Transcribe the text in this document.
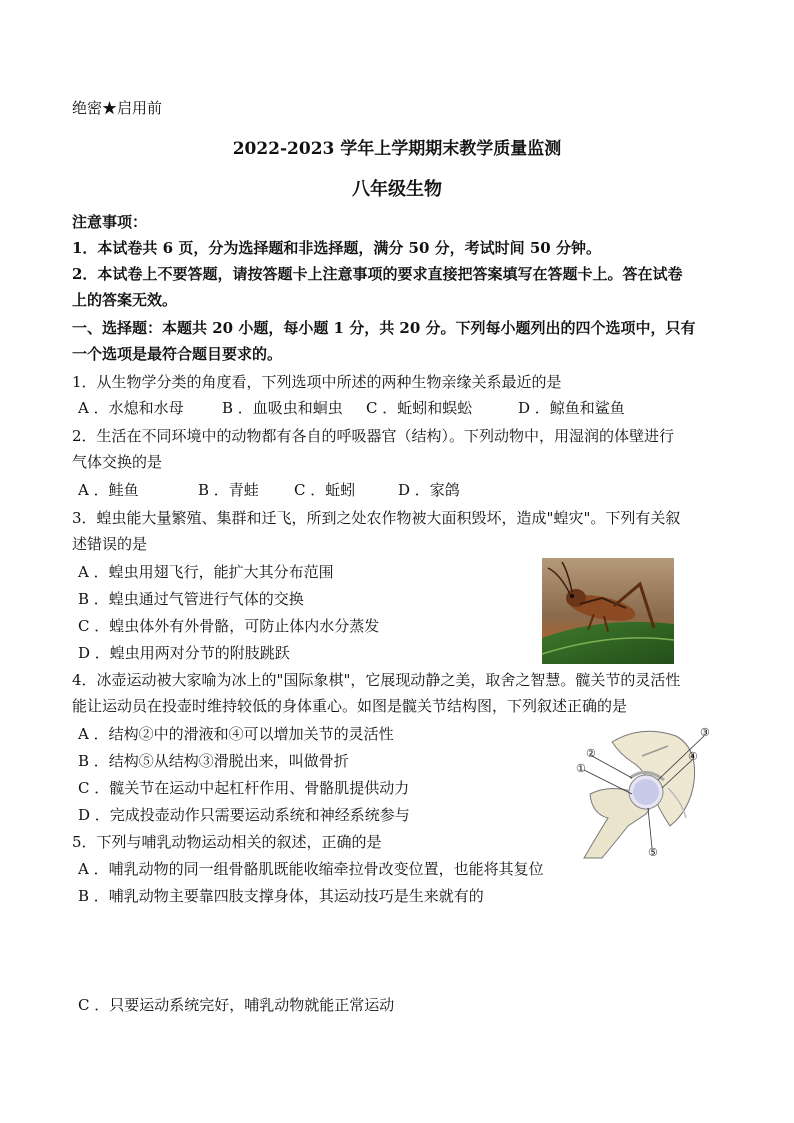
绝密★启用前
2022-2023 学年上学期期末教学质量监测
八年级生物
注意事项：
1．本试卷共 6 页，分为选择题和非选择题，满分 50 分，考试时间 50 分钟。
2．本试卷上不要答题，请按答题卡上注意事项的要求直接把答案填写在答题卡上。答在试卷
上的答案无效。
一、选择题：本题共 20 小题，每小题 1 分，共 20 分。下列每小题列出的四个选项中，只有
一个选项是最符合题目要求的。
1．从生物学分类的角度看，下列选项中所述的两种生物亲缘关系最近的是
A ．水熄和水母	B ．血吸虫和蛔虫 C ．蚯蚓和蜈蚣	D ．鲸鱼和鲨鱼
2．生活在不同环境中的动物都有各自的呼吸器官（结构）。下列动物中，用湿润的体壁进行
气体交换的是
A ．鲑鱼	B ．青蛙 C ．蚯蚓	D ．家鸽
3．蝗虫能大量繁殖、集群和迁飞，所到之处农作物被大面积毁坏，造成"蝗灾"。下列有关叙
述错误的是
A ．蝗虫用翅飞行，能扩大其分布范围
B ．蝗虫通过气管进行气体的交换
C ．蝗虫体外有外骨骼，可防止体内水分蒸发
D ．蝗虫用两对分节的附肢跳跃
4．冰壶运动被大家喻为冰上的"国际象棋"，它展现动静之美，取舍之智慧。髋关节的灵活性
能让运动员在投壶时维持较低的身体重心。如图是髋关节结构图，下列叙述正确的是
A ．结构②中的滑液和④可以增加关节的灵活性
B ．结构⑤从结构③滑脱出来，叫做骨折
C ．髋关节在运动中起杠杆作用、骨骼肌提供动力
D ．完成投壶动作只需要运动系统和神经系统参与
②
①
③
④
⑤
5．下列与哺乳动物运动相关的叙述，正确的是
A ．哺乳动物的同一组骨骼肌既能收缩牵拉骨改变位置，也能将其复位
B ．哺乳动物主要靠四肢支撑身体，其运动技巧是生来就有的
C ．只要运动系统完好，哺乳动物就能正常运动
